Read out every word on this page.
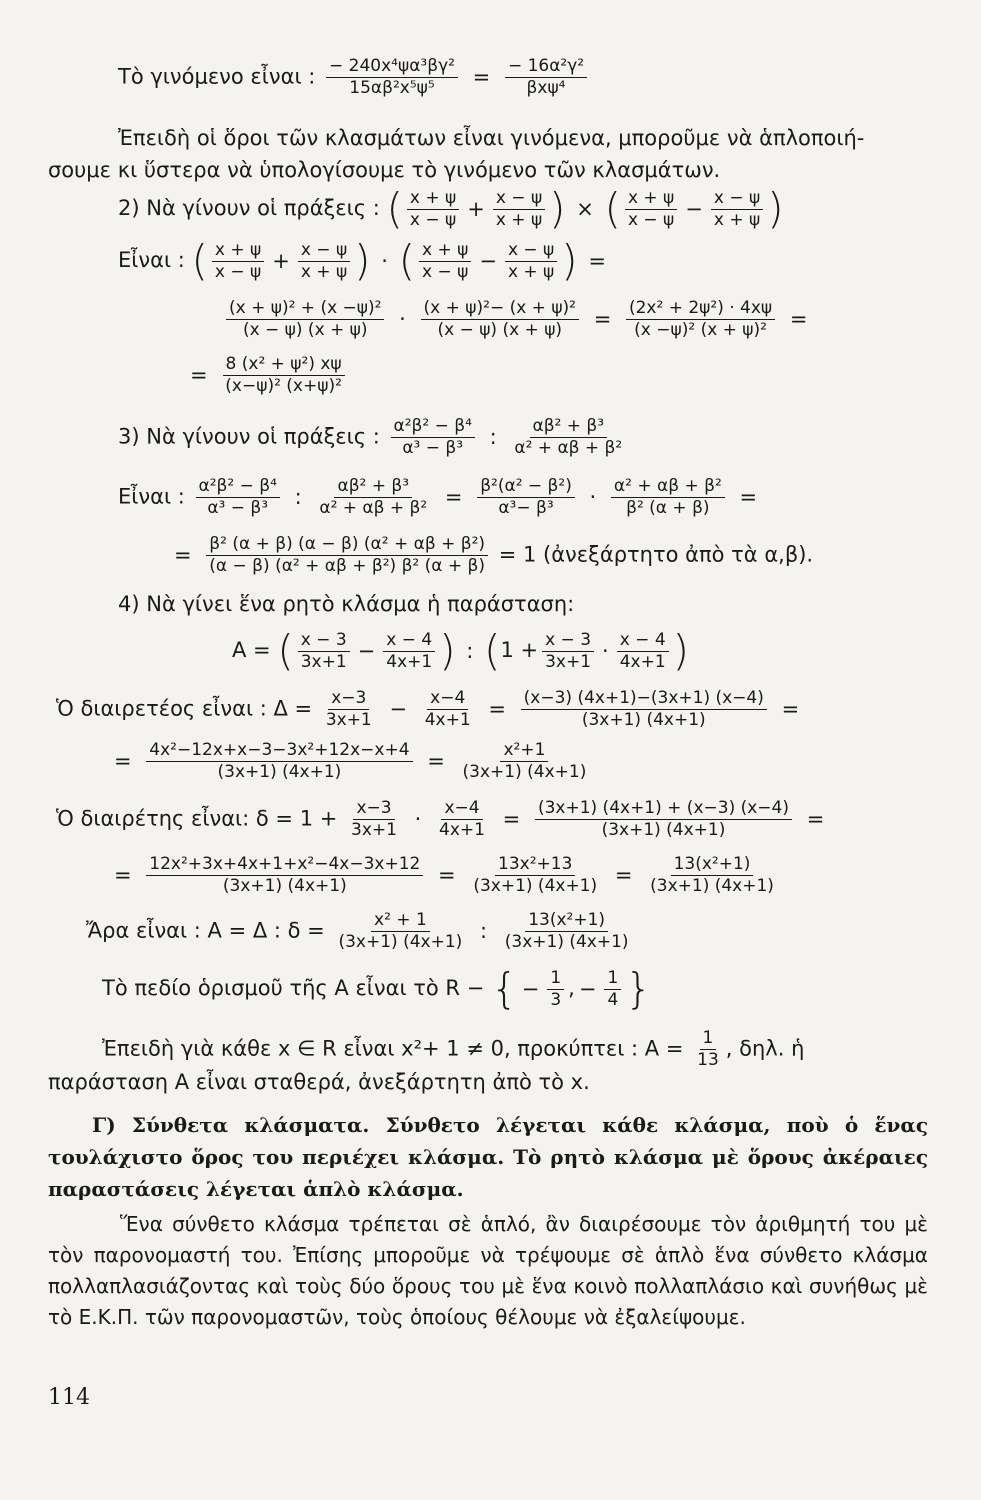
Τὸ γινόμενο εἶναι : $\frac{\text{− 240x⁴ψα³βγ²}}{\text{15αβ²x⁵ψ⁵}} = \frac{\text{− 16α²γ²}}{\text{βxψ⁴}}$
Ἐπειδὴ οἱ ὅροι τῶν κλασμάτων εἶναι γινόμενα, μποροῦμε νὰ ἁπλοποιή-
σουμε κι ὕστερα νὰ ὑπολογίσουμε τὸ γινόμενο τῶν κλασμάτων.
2) Νὰ γίνουν οἱ πράξεις : ( $\frac{x + \psi}{x - \psi} + \frac{x - \psi}{x + \psi}$ ) × ( $\frac{x + \psi}{x - \psi} - \frac{x - \psi}{x + \psi}$ )
Εἶναι : ( $\frac{x + \psi}{x - \psi} + \frac{x - \psi}{x + \psi}$ ) · ( $\frac{x + \psi}{x - \psi} - \frac{x - \psi}{x + \psi}$ ) =
$\frac{\text{(x + ψ)² + (x −ψ)²}}{(x - \psi) (x + \psi)} \cdot \frac{\text{(x + ψ)²− (x + ψ)²}}{(x - \psi) (x + \psi)} = \frac{\text{(2x² + 2ψ²) · 4xψ}}{\text{(x −ψ)² (x + ψ)²}}$ =
= $\frac{\text{8 (x² + ψ²) xψ}}{\text{(x−ψ)² (x+ψ)²}}$
3) Νὰ γίνουν οἱ πράξεις : $\frac{\text{α²β² − β⁴}}{\text{α³ − β³}}$ : $\frac{\text{αβ² + β³}}{\text{α² + αβ + β²}}$
Εἶναι : $\frac{\text{α²β² − β⁴}}{\text{α³ − β³}}$ : $\frac{\text{αβ² + β³}}{\text{α² + αβ + β²}} = \frac{\text{β²(α² − β²)}}{\text{α³− β³}} \cdot \frac{\text{α² + αβ + β²}}{\text{β² (α + β)}}$ =
= $\frac{\text{β² (α + β) (α − β) (α² + αβ + β²)}}{\text{(α − β) (α² + αβ + β²) β² (α + β)}} = 1$ (ἀνεξάρτητο ἀπὸ τὰ α,β).
4) Νὰ γίνει ἕνα ρητὸ κλάσμα ἡ παράσταση:
A = ( $\frac{x - 3}{3x+1} - \frac{x - 4}{4x+1}$ ) : ($1 + \frac{x - 3}{3x+1} \cdot \frac{x - 4}{4x+1}$ )
Ὁ διαιρετέος εἶναι : $\Delta = \frac{x-3}{3x+1} - \frac{x-4}{4x+1} = \frac{(x-3) (4x+1)-(3x+1) (x-4)}{(3x+1) (4x+1)}$ =
= $\frac{\text{4x²−12x+x−3−3x²+12x−x+4}}{(3x+1) (4x+1)} = \frac{\text{x²+1}}{(3x+1) (4x+1)}$
Ὁ διαιρέτης εἶναι: $\delta = 1 + \frac{x-3}{3x+1} \cdot \frac{x-4}{4x+1} = \frac{(3x+1) (4x+1) + (x-3) (x-4)}{(3x+1) (4x+1)}$ =
= $\frac{\text{12x²+3x+4x+1+x²−4x−3x+12}}{(3x+1) (4x+1)} = \frac{\text{13x²+13}}{(3x+1) (4x+1)} = \frac{\text{13(x²+1)}}{(3x+1) (4x+1)}$
Ἄρα εἶναι : A = Δ : $\delta = \frac{\text{x² + 1}}{(3x+1) (4x+1)}$ : $\frac{\text{13(x²+1)}}{(3x+1) (4x+1)}$
Τὸ πεδίο ὁρισμοῦ τῆς A εἶναι τὸ R − { − $\frac{1}{3}$ , − $\frac{1}{4}$ }
Ἐπειδὴ γιὰ κάθε x ∈ R εἶναι x²+ 1 ≠ 0, προκύπτει : $A = \frac{1}{13}$ , δηλ. ἡ
παράσταση A εἶναι σταθερά, ἀνεξάρτητη ἀπὸ τὸ x.
Γ) Σύνθετα κλάσματα. Σύνθετο λέγεται κάθε κλάσμα, ποὺ ὁ ἕνας τουλάχιστο ὅρος του περιέχει κλάσμα. Τὸ ρητὸ κλάσμα μὲ ὅρους ἀκέραιες παραστάσεις λέγεται ἁπλὸ κλάσμα.
Ἕνα σύνθετο κλάσμα τρέπεται σὲ ἁπλό, ἂν διαιρέσουμε τὸν ἀριθμητή του μὲ τὸν παρονομαστή του. Ἐπίσης μποροῦμε νὰ τρέψουμε σὲ ἁπλὸ ἕνα σύνθετο κλάσμα πολλαπλασιάζοντας καὶ τοὺς δύο ὅρους του μὲ ἕνα κοινὸ πολλαπλάσιο καὶ συνήθως μὲ τὸ Ε.Κ.Π. τῶν παρονομαστῶν, τοὺς ὁποίους θέλουμε νὰ ἐξαλείψουμε.
114
